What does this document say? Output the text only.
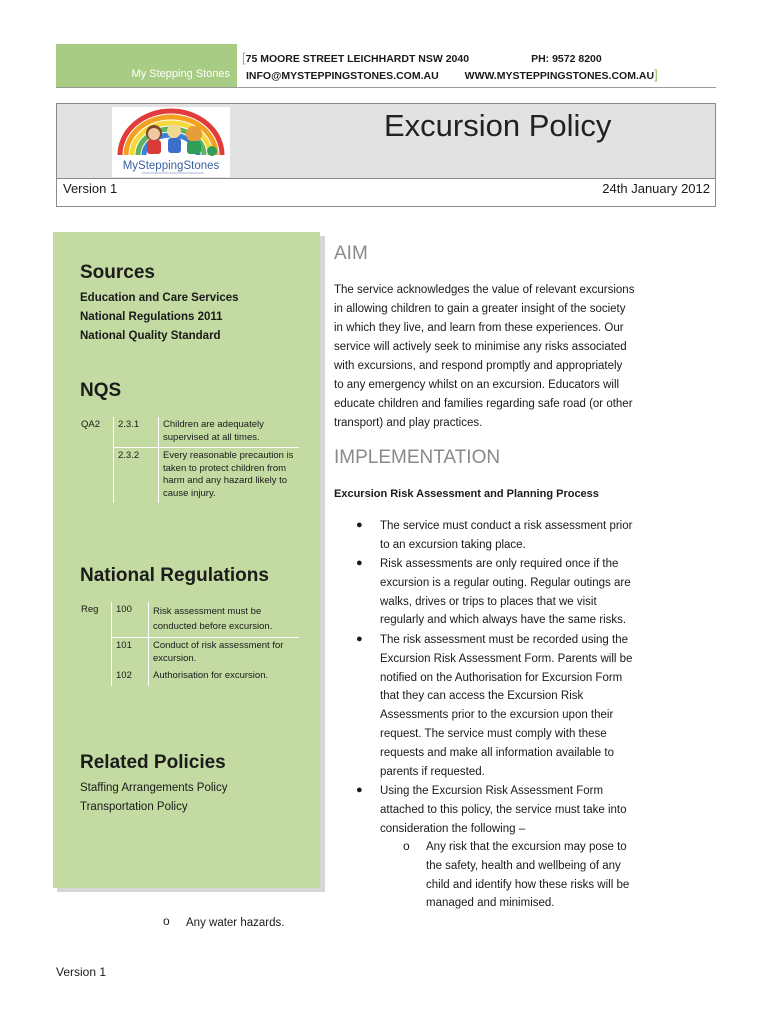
My Stepping Stones
[75 MOORE STREET LEICHHARDT NSW 2040	PH: 9572 8200
INFO@MYSTEPPINGSTONES.COM.AU WWW.MYSTEPPINGSTONES.COM.AU]
MySteppingStones
Excursion Policy
Version 1	24th January 2012
Sources
Education and Care Services
National Regulations 2011
National Quality Standard
NQS
QA2	2.3.1	Children are adequately supervised at all times.
	2.3.2	Every reasonable precaution is taken to protect children from harm and any hazard likely to cause injury.
National Regulations
Reg	100	Risk assessment must be conducted before excursion.
	101	Conduct of risk assessment for excursion.
	102	Authorisation for excursion.
Related Policies
Staffing Arrangements Policy
Transportation Policy
AIM
The service acknowledges the value of relevant excursions
in allowing children to gain a greater insight of the society
in which they live, and learn from these experiences. Our
service will actively seek to minimise any risks associated
with excursions, and respond promptly and appropriately
to any emergency whilst on an excursion. Educators will
educate children and families regarding safe road (or other
transport) and play practices.
IMPLEMENTATION
Excursion Risk Assessment and Planning Process
● The service must conduct a risk assessment prior
to an excursion taking place.
● Risk assessments are only required once if the
excursion is a regular outing. Regular outings are
walks, drives or trips to places that we visit
regularly and which always have the same risks.
● The risk assessment must be recorded using the
Excursion Risk Assessment Form. Parents will be
notified on the Authorisation for Excursion Form
that they can access the Excursion Risk
Assessments prior to the excursion upon their
request. The service must comply with these
requests and make all information available to
parents if requested.
● Using the Excursion Risk Assessment Form
attached to this policy, the service must take into
consideration the following –
o Any risk that the excursion may pose to
the safety, health and wellbeing of any
child and identify how these risks will be
managed and minimised.
o Any water hazards.
Version 1
